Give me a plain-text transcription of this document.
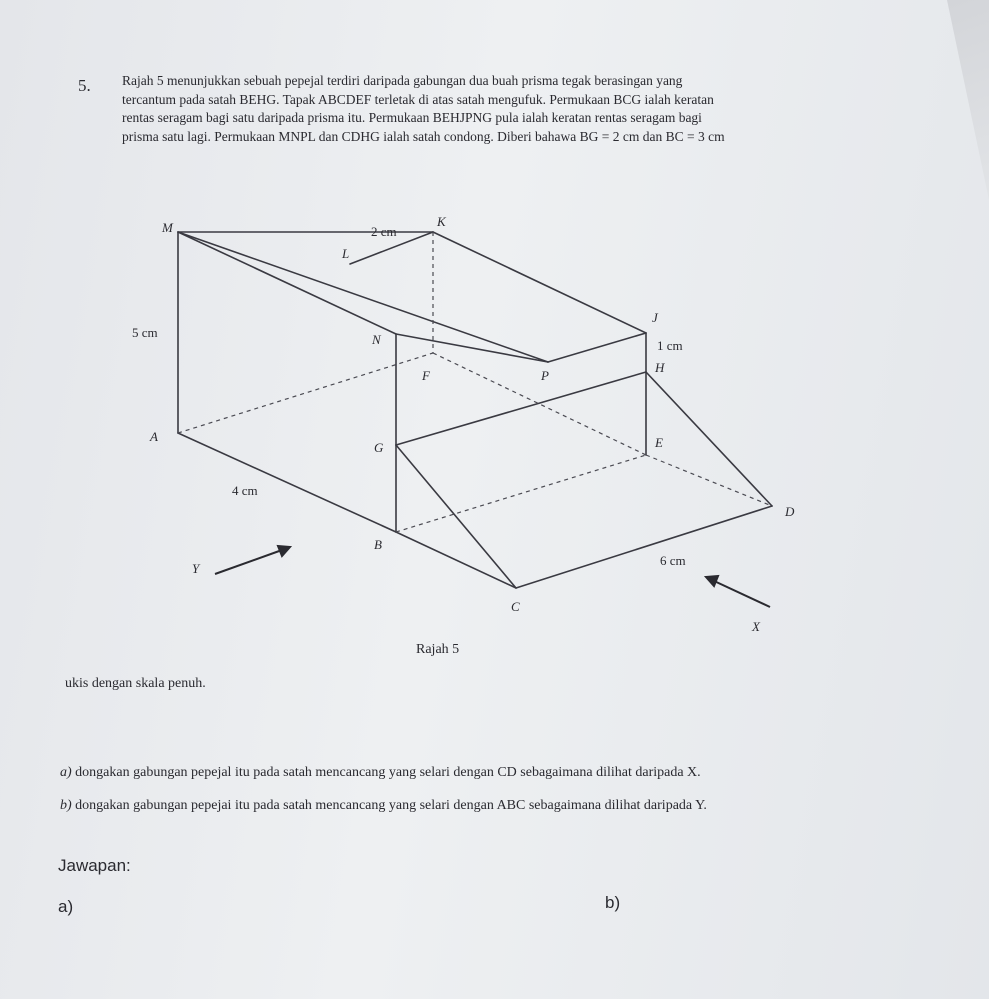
5. Rajah 5 menunjukkan sebuah pepejal terdiri daripada gabungan dua buah prisma tegak berasingan yang
tercantum pada satah BEHG. Tapak ABCDEF terletak di atas satah mengufuk. Permukaan BCG ialah keratan
rentas seragam bagi satu daripada prisma itu. Permukaan BEHJPNG pula ialah keratan rentas seragam bagi
prisma satu lagi. Permukaan MNPL dan CDHG ialah satah condong. Diberi bahawa BG = 2 cm dan BC = 3 cm
M
L
K
J
N
P
H
F
A
G	E
D
B
C
2 cm
5 cm
1 cm
4 cm
6 cm
Y
X
Rajah 5
ukis dengan skala penuh.
a) dongakan gabungan pepejal itu pada satah mencancang yang selari dengan CD sebagaimana dilihat daripada X.
b) dongakan gabungan pepejai itu pada satah mencancang yang selari dengan ABC sebagaimana dilihat daripada Y.
Jawapan:
a)	b)
